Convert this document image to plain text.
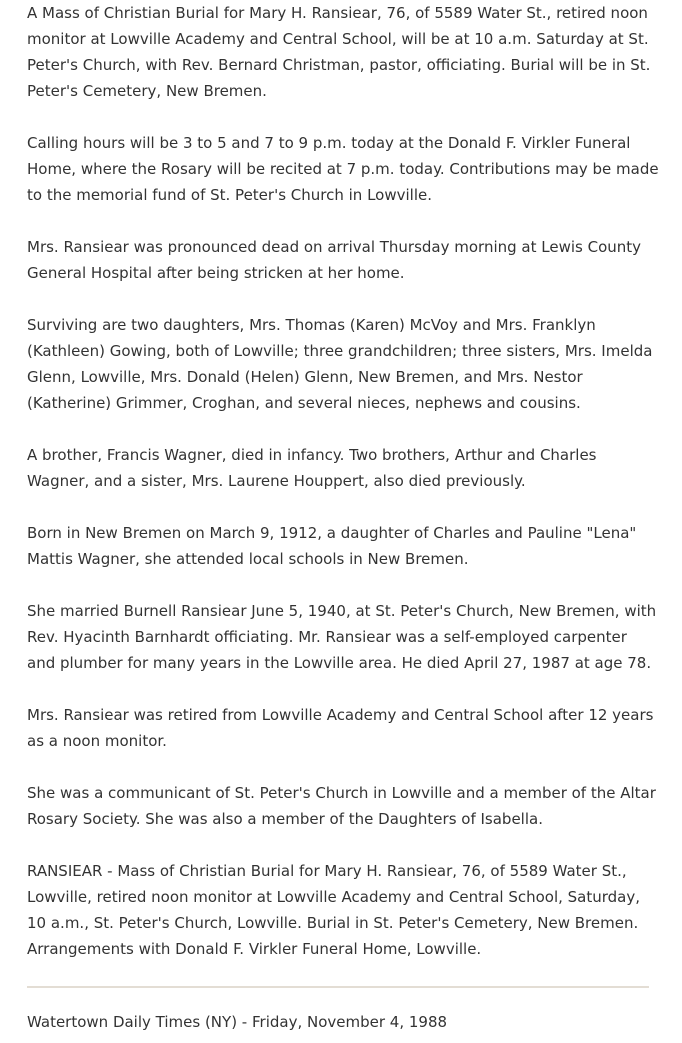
A Mass of Christian Burial for Mary H. Ransiear, 76, of 5589 Water St., retired noon monitor at Lowville Academy and Central School, will be at 10 a.m. Saturday at St. Peter's Church, with Rev. Bernard Christman, pastor, officiating. Burial will be in St. Peter's Cemetery, New Bremen.

Calling hours will be 3 to 5 and 7 to 9 p.m. today at the Donald F. Virkler Funeral Home, where the Rosary will be recited at 7 p.m. today. Contributions may be made to the memorial fund of St. Peter's Church in Lowville.

Mrs. Ransiear was pronounced dead on arrival Thursday morning at Lewis County General Hospital after being stricken at her home.

Surviving are two daughters, Mrs. Thomas (Karen) McVoy and Mrs. Franklyn (Kathleen) Gowing, both of Lowville; three grandchildren; three sisters, Mrs. Imelda Glenn, Lowville, Mrs. Donald (Helen) Glenn, New Bremen, and Mrs. Nestor (Katherine) Grimmer, Croghan, and several nieces, nephews and cousins.

A brother, Francis Wagner, died in infancy. Two brothers, Arthur and Charles Wagner, and a sister, Mrs. Laurene Houppert, also died previously.

Born in New Bremen on March 9, 1912, a daughter of Charles and Pauline "Lena" Mattis Wagner, she attended local schools in New Bremen.

She married Burnell Ransiear June 5, 1940, at St. Peter's Church, New Bremen, with Rev. Hyacinth Barnhardt officiating. Mr. Ransiear was a self-employed carpenter and plumber for many years in the Lowville area. He died April 27, 1987 at age 78.

Mrs. Ransiear was retired from Lowville Academy and Central School after 12 years as a noon monitor.

She was a communicant of St. Peter's Church in Lowville and a member of the Altar Rosary Society. She was also a member of the Daughters of Isabella.

RANSIEAR - Mass of Christian Burial for Mary H. Ransiear, 76, of 5589 Water St., Lowville, retired noon monitor at Lowville Academy and Central School, Saturday, 10 a.m., St. Peter's Church, Lowville. Burial in St. Peter's Cemetery, New Bremen. Arrangements with Donald F. Virkler Funeral Home, Lowville.

Watertown Daily Times (NY) - Friday, November 4, 1988
